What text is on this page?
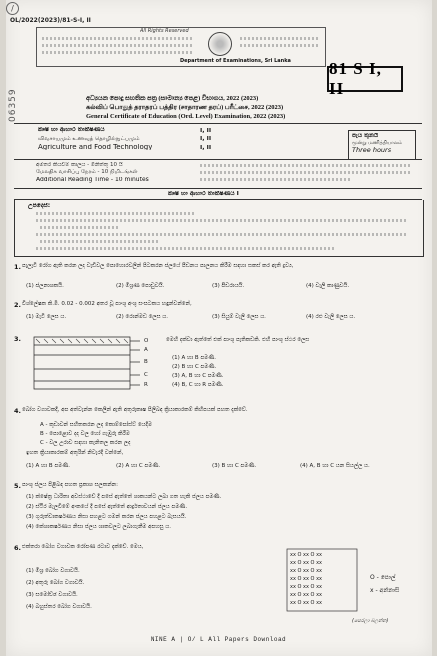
/
OL/2022(2023)/81-S-I, II
06359
All Rights Reserved
Department of Examinations, Sri Lanka 81 S I, II
අධ්‍යයන පොදු සහතික පත්‍ර (සාමාන්‍ය පෙළ) විභාගය, 2022 (2023)
கல்விப் பொதுத் தராதரப் பத்திர (சாதாரண தரப்) பரீட்சை, 2022 (2023)
General Certificate of Education (Ord. Level) Examination, 2022 (2023)
කෘෂි හා ආහාර තාක්ෂණය
விவசாயமும் உணவுத் தொழில்நுட்பமும்
Agriculture and Food Technology
I, II
I, II
I, II
පැය තුනයි
மூன்று மணித்தியாலம்
Three hours
අමතර කියවීම් කාලය - මිනිත්තු 10 යි
மேலதிக வாசிப்பு நேரம் - 10 நிமிடங்கள்
Additional Reading Time - 10 minutes
කෘෂි හා ආහාර තාක්ෂණය I
උපදෙස්:
1. පැලෑටි රෝග ඇති කරන ලද වැඩිවල පොහොරවලින් පිටකරන ජලයේ පීඩනය පාලනය කිරීම සඳහා සකස් කර ඇති ද්‍රව්‍ය,
(1) ජලනාශකයි.	(2) මිශ්‍රණ පොඩුවයි.	(3) පීඩරායයි.	(4) වැලි කාණුවයි.
2. විශ්ලේෂක කි.මී. 0.02 - 0.002 අතර වූ පාංශු අංශු සංඝටකය හඳුන්වන්නේ,
(1) මැටි ලෙස ය.	(2) රොන්මඩ ලෙස ය.	(3) සියුම් වැලි ලෙස ය.	(4) රළු වැලි ලෙස ය.
3.	O
A
B
C
R
මෙහි දක්වා ඇත්තේ එක් පාංශු පැතිකඩකි. එහි පාංශු ස්ථර ලෙස
(1) A හා B පමණි.
(2) B හා C පමණි.
(3) A, B හා C පමණි.
(4) B, C හා R පමණි.
4. බෝග වගාවකදී, අප අත්වැන්න කෙලින් ඇති අතුරුකෘෂ පිලිබඳ ක්‍රියාකාරකම් කිහිපයක් පහත දැක්වේ.
A - කුඩාවන් සහිතකරන ලද කොම්පෝස්ට් යෙදීම
B - පොළොව දද වල හෝ ගැඹුරු කිරීම
C - වල උරාව සඳහා කැනිතල කරන ලද
ඉහත ක්‍රියාකාරකම් අතුරින් නිවැරදි වන්නේ,
(1) A හා B පමණි.	(2) A හා C පමණි.	(3) B හා C පමණි.	(4) A, B හා C යන සියල්ල ය.
5. පාංශු ජලය පිළිබඳ පහත ප්‍රකාශ සලකන්න:
(1) ක්ෂේත්‍ර ධාරිතා අවස්ථාවේ දී පසේ ඇත්තේ ශාකයන්ට ලබා ගත හැකි ජලය පමණි.
(2) ස්ථිර මැලවීමේ අංකයේ දී පසේ ඇත්තේ ආර්ද්‍රතාවයන් ජලය පමණි.
(3) ගුරුත්වාකර්ෂණය නිසා පහළට ගමන් කරන ජලය පහළට බැසයයි.
(4) කේශාකර්ෂණය නිසා ජලය ශාකවලට ලබාගැනීම අපහසු ය.
6. එක්තරා බෝග වගාවක රෝපණ රටාව දැක්වේ. මෙය,
(1) මිශ්‍ර බෝග වගාවයි.
(2) අතුරු බෝග වගාවයි.
(3) සමෝච්ඡ වගාවයි.
(4) බහුස්තර බෝග වගාවයි.
xx O xx O xx
xx O xx O xx
xx O xx O xx
xx O xx O xx
xx O xx O xx
xx O xx O xx
xx O xx O xx
O - පොල්
x - අන්නාසි
(පෙරලා බලන්න)
NINE A | O/ L All Papers Download
